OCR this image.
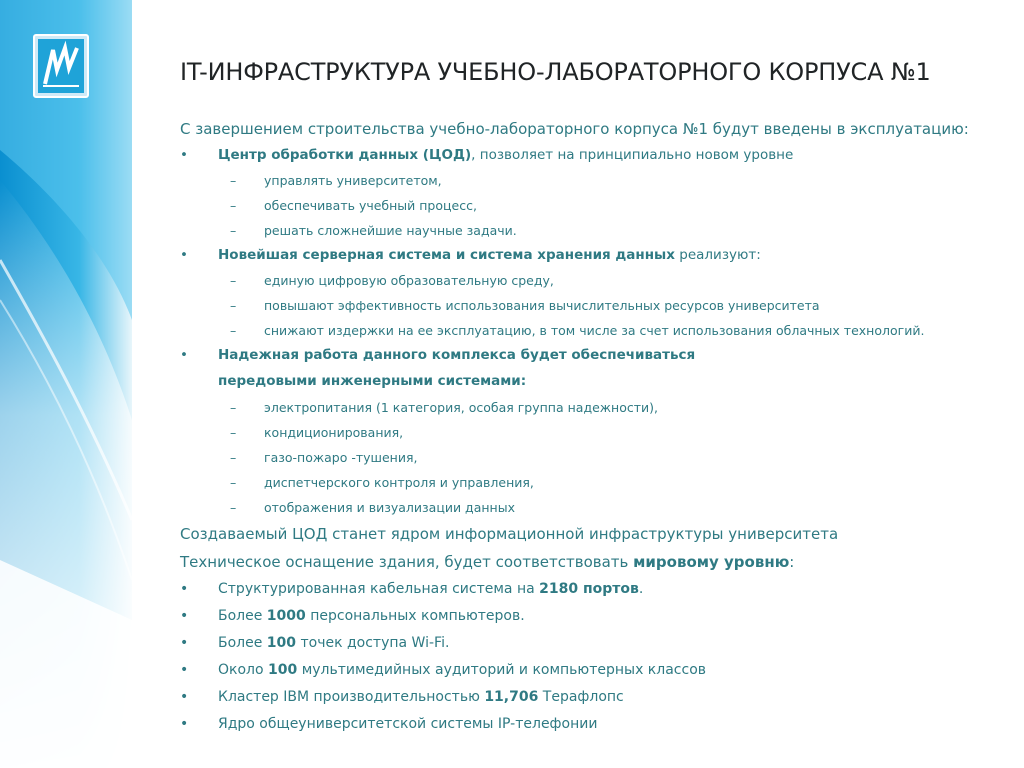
IT-ИНФРАСТРУКТУРА УЧЕБНО-ЛАБОРАТОРНОГО КОРПУСА №1
С завершением строительства учебно-лабораторного корпуса №1 будут введены в эксплуатацию:
• Центр обработки данных (ЦОД), позволяет на принципиально новом уровне
– управлять университетом,
– обеспечивать учебный процесс,
– решать сложнейшие научные задачи.
• Новейшая серверная система и система хранения данных реализуют:
– единую цифровую образовательную среду,
– повышают эффективность использования вычислительных ресурсов университета
– снижают издержки на ее эксплуатацию, в том числе за счет использования облачных технологий.
• Надежная работа данного комплекса будет обеспечиваться
передовыми инженерными системами:
– электропитания (1 категория, особая группа надежности),
– кондиционирования,
– газо-пожаро -тушения,
– диспетчерского контроля и управления,
– отображения и визуализации данных
Создаваемый ЦОД станет ядром информационной инфраструктуры университета
Техническое оснащение здания, будет соответствовать мировому уровню:
• Структурированная кабельная система на 2180 портов.
• Более 1000 персональных компьютеров.
• Более 100 точек доступа Wi-Fi.
• Около 100 мультимедийных аудиторий и компьютерных классов
• Кластер IBM производительностью 11,706 Терафлопс
• Ядро общеуниверситетской системы IP-телефонии
